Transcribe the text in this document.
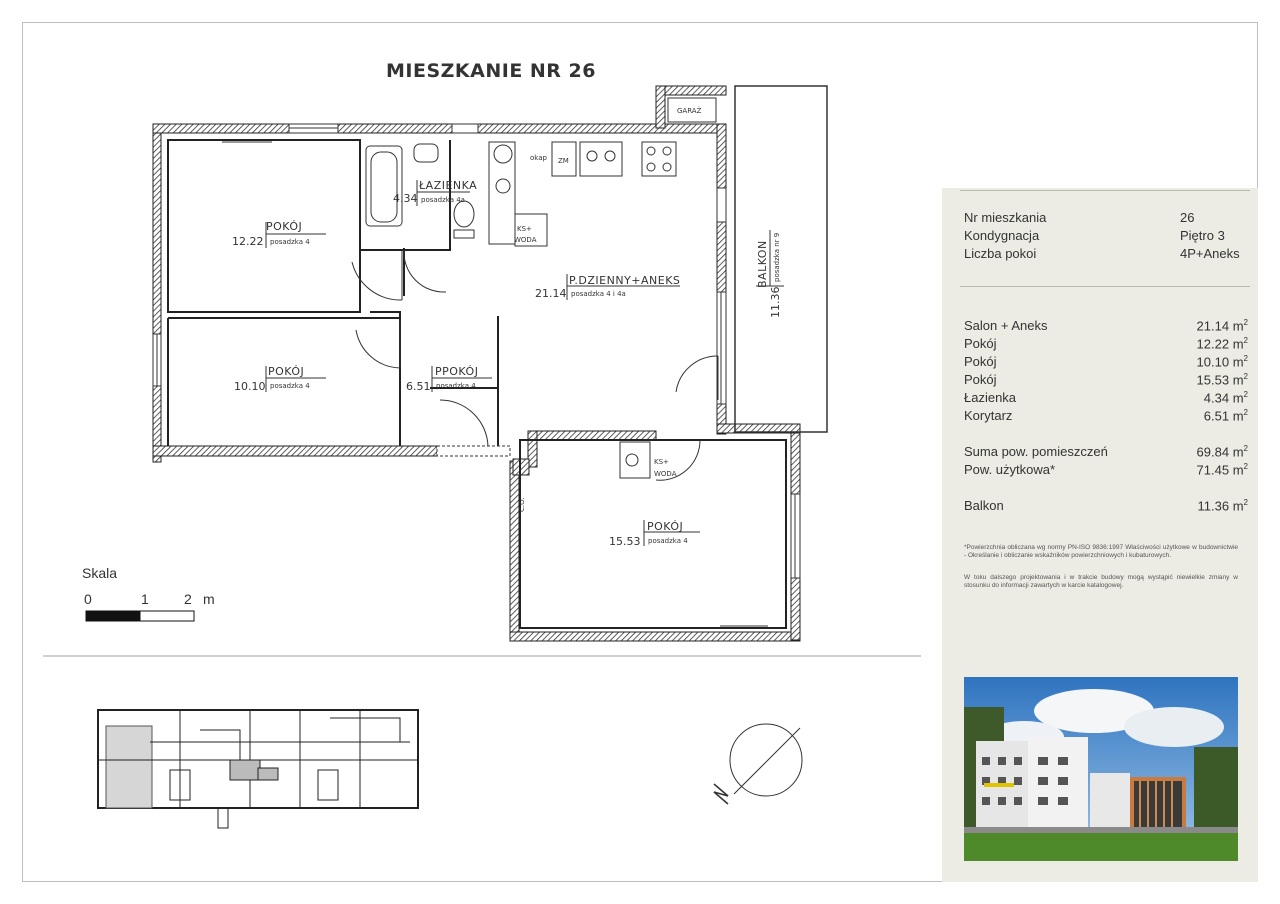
MIESZKANIE NR 26
GARAŻ
ZM
okap
KS+
WODA
KS+
WODA
C.O.
POKÓJ
12.22 posadzka 4
ŁAZIENKA
4.34 posadzka 4a
P.DZIENNY+ANEKS
21.14 posadzka 4 i 4a
POKÓJ
10.10 posadzka 4
PPOKÓJ
6.51 posadzka 4
POKÓJ
15.53 posadzka 4
BALKON
11.36
posadzka nr 9
Skala
0	1	2 m
Nr mieszkania	26
Kondygnacja	Piętro 3
Liczba pokoi	4P+Aneks
Salon + Aneks	21.14 $m^2$
Pokój	12.22 $m^2$
Pokój	10.10 $m^2$
Pokój	15.53 $m^2$
Łazienka	4.34 $m^2$
Korytarz	6.51 $m^2$
Suma pow. pomieszczeń	69.84 $m^2$
Pow. użytkowa*	71.45 $m^2$
Balkon	11.36 $m^2$
*Powierzchnia obliczana wg normy PN-ISO 9836:1997 Właściwości użytkowe w budownictwie - Określanie i obliczanie wskaźników powierzchniowych i kubaturowych.
W toku dalszego projektowania i w trakcie budowy mogą wystąpić niewielkie zmiany w stosunku do informacji zawartych w karcie katalogowej.
